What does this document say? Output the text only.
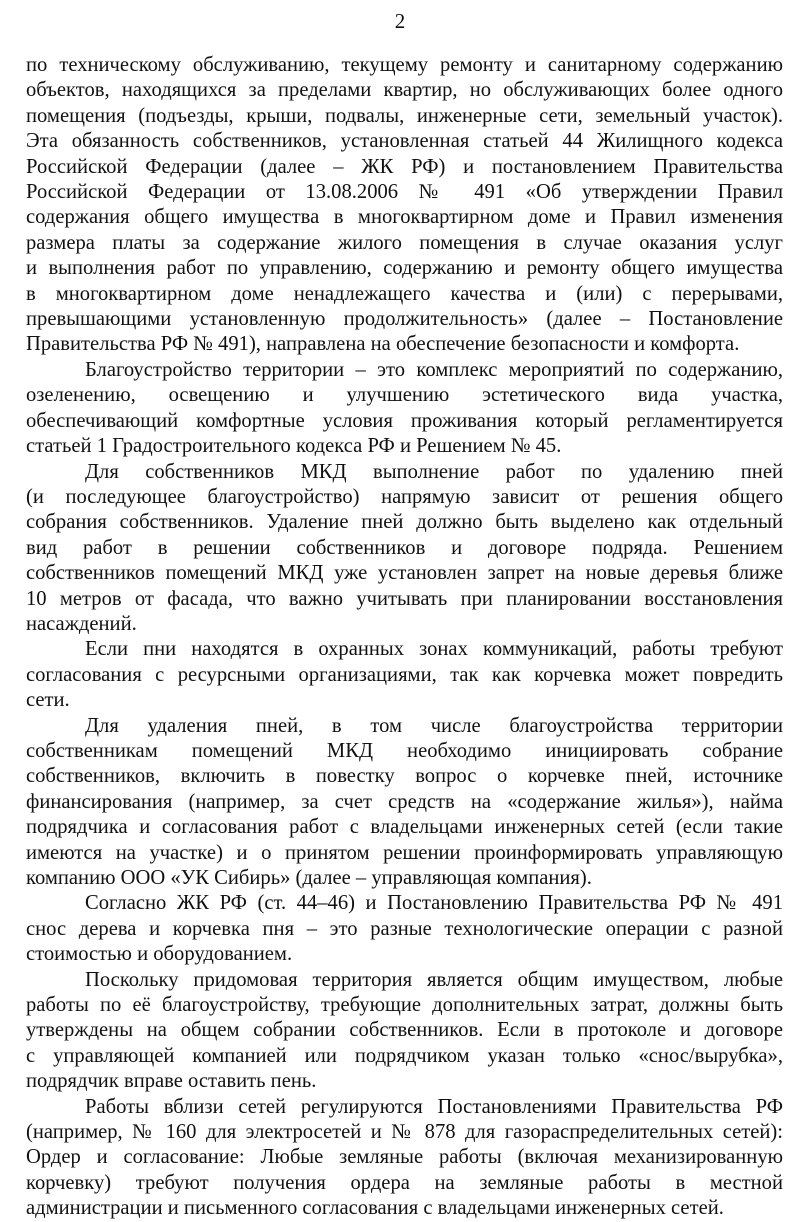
2
по техническому обслуживанию, текущему ремонту и санитарному содержанию
объектов, находящихся за пределами квартир, но обслуживающих более одного
помещения (подъезды, крыши, подвалы, инженерные сети, земельный участок).
Эта обязанность собственников, установленная статьей 44 Жилищного кодекса
Российской Федерации (далее – ЖК РФ) и постановлением Правительства
Российской Федерации от 13.08.2006 № 491 «Об утверждении Правил
содержания общего имущества в многоквартирном доме и Правил изменения
размера платы за содержание жилого помещения в случае оказания услуг
и выполнения работ по управлению, содержанию и ремонту общего имущества
в многоквартирном доме ненадлежащего качества и (или) с перерывами,
превышающими установленную продолжительность» (далее – Постановление
Правительства РФ № 491), направлена на обеспечение безопасности и комфорта.
Благоустройство территории – это комплекс мероприятий по содержанию,
озеленению, освещению и улучшению эстетического вида участка,
обеспечивающий комфортные условия проживания который регламентируется
статьей 1 Градостроительного кодекса РФ и Решением № 45.
Для собственников МКД выполнение работ по удалению пней
(и последующее благоустройство) напрямую зависит от решения общего
собрания собственников. Удаление пней должно быть выделено как отдельный
вид работ в решении собственников и договоре подряда. Решением
собственников помещений МКД уже установлен запрет на новые деревья ближе
10 метров от фасада, что важно учитывать при планировании восстановления
насаждений.
Если пни находятся в охранных зонах коммуникаций, работы требуют
согласования с ресурсными организациями, так как корчевка может повредить
сети.
Для удаления пней, в том числе благоустройства территории
собственникам помещений МКД необходимо инициировать собрание
собственников, включить в повестку вопрос о корчевке пней, источнике
финансирования (например, за счет средств на «содержание жилья»), найма
подрядчика и согласования работ с владельцами инженерных сетей (если такие
имеются на участке) и о принятом решении проинформировать управляющую
компанию ООО «УК Сибирь» (далее – управляющая компания).
Согласно ЖК РФ (ст. 44–46) и Постановлению Правительства РФ № 491
снос дерева и корчевка пня – это разные технологические операции с разной
стоимостью и оборудованием.
Поскольку придомовая территория является общим имуществом, любые
работы по её благоустройству, требующие дополнительных затрат, должны быть
утверждены на общем собрании собственников. Если в протоколе и договоре
с управляющей компанией или подрядчиком указан только «снос/вырубка»,
подрядчик вправе оставить пень.
Работы вблизи сетей регулируются Постановлениями Правительства РФ
(например, № 160 для электросетей и № 878 для газораспределительных сетей):
Ордер и согласование: Любые земляные работы (включая механизированную
корчевку) требуют получения ордера на земляные работы в местной
администрации и письменного согласования с владельцами инженерных сетей.
